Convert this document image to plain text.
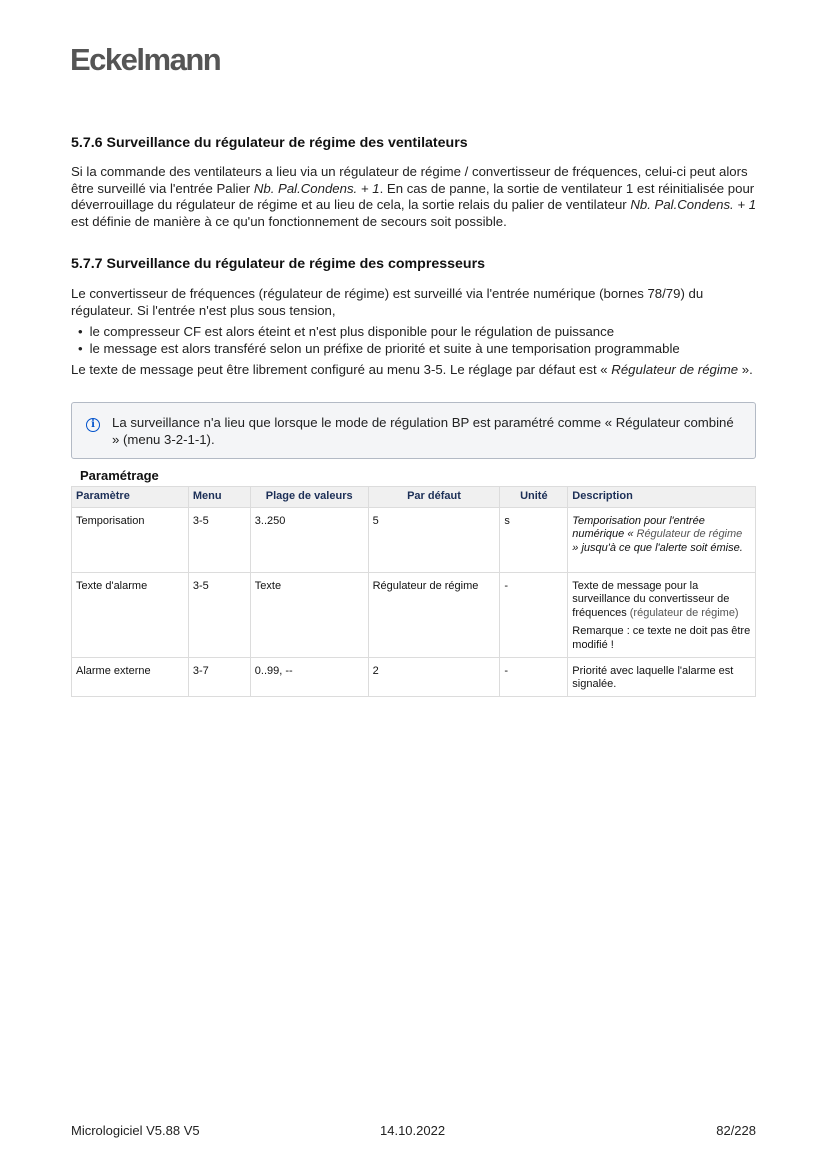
Eckelmann
5.7.6 Surveillance du régulateur de régime des ventilateurs
Si la commande des ventilateurs a lieu via un régulateur de régime / convertisseur de fréquences, celui-ci peut alors être surveillé via l'entrée Palier Nb. Pal.Condens. + 1. En cas de panne, la sortie de ventilateur 1 est réinitialisée pour déverrouillage du régulateur de régime et au lieu de cela, la sortie relais du palier de ventilateur Nb. Pal.Condens. + 1 est définie de manière à ce qu'un fonctionnement de secours soit possible.
5.7.7 Surveillance du régulateur de régime des compresseurs
Le convertisseur de fréquences (régulateur de régime) est surveillé via l'entrée numérique (bornes 78/79) du régulateur. Si l'entrée n'est plus sous tension,
• le compresseur CF est alors éteint et n'est plus disponible pour le régulation de puissance
• le message est alors transféré selon un préfixe de priorité et suite à une temporisation programmable
Le texte de message peut être librement configuré au menu 3-5. Le réglage par défaut est « Régulateur de régime ».
i	La surveillance n'a lieu que lorsque le mode de régulation BP est paramétré comme « Régulateur combiné » (menu 3-2-1-1).
Paramétrage
Paramètre	Menu	Plage de valeurs	Par défaut	Unité	Description
Temporisation	3-5	3..250	5	s	Temporisation pour l'entrée numérique « Régulateur de régime » jusqu'à ce que l'alerte soit émise.
Texte d'alarme	3-5	Texte	Régulateur de régime	-	Texte de message pour la surveillance du convertisseur de fréquences (régulateur de régime)

Remarque : ce texte ne doit pas être modifié !

Alarme externe	3-7	0..99, --	2	-	Priorité avec laquelle l'alarme est signalée.
Micrologiciel V5.88 V5	14.10.2022	82/228
